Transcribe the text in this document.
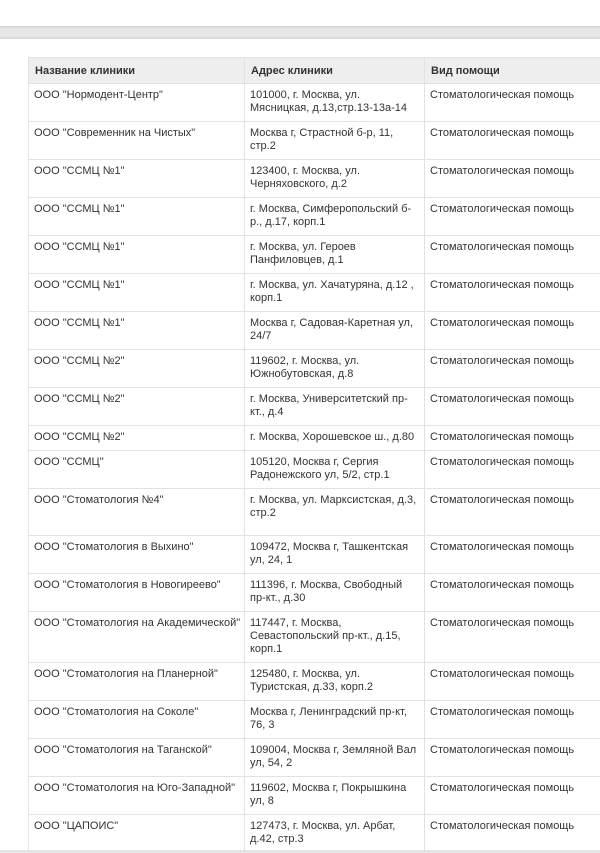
Название клиники	Адрес клиники	Вид помощи
ООО "Нормодент-Центр"	101000, г. Москва, ул. Мясницкая, д.13,стр.13-13а-14	Стоматологическая помощь
ООО "Современник на Чистых"	Москва г, Страстной б-р, 11, стр.2	Стоматологическая помощь
ООО "ССМЦ №1"	123400, г. Москва, ул. Черняховского, д.2	Стоматологическая помощь
ООО "ССМЦ №1"	г. Москва, Симферопольский б-р., д.17, корп.1	Стоматологическая помощь
ООО "ССМЦ №1"	г. Москва, ул. Героев Панфиловцев, д.1	Стоматологическая помощь
ООО "ССМЦ №1"	г. Москва, ул. Хачатуряна, д.12 , корп.1	Стоматологическая помощь
ООО "ССМЦ №1"	Москва г, Садовая-Каретная ул, 24/7	Стоматологическая помощь
ООО "ССМЦ №2"	119602, г. Москва, ул. Южнобутовская, д.8	Стоматологическая помощь
ООО "ССМЦ №2"	г. Москва, Университетский пр-кт., д.4	Стоматологическая помощь
ООО "ССМЦ №2"	г. Москва, Хорошевское ш., д.80	Стоматологическая помощь
ООО "ССМЦ"	105120, Москва г, Сергия Радонежского ул, 5/2, стр.1	Стоматологическая помощь
ООО "Стоматология №4"	г. Москва, ул. Марксистская, д.3, стр.2	Стоматологическая помощь
ООО "Стоматология в Выхино"	109472, Москва г, Ташкентская ул, 24, 1	Стоматологическая помощь
ООО "Стоматология в Новогиреево"	111396, г. Москва, Свободный пр-кт., д.30	Стоматологическая помощь
ООО "Стоматология на Академической"	117447, г. Москва, Севастопольский пр-кт., д.15, корп.1	Стоматологическая помощь
ООО "Стоматология на Планерной"	125480, г. Москва, ул. Туристская, д.33, корп.2	Стоматологическая помощь
ООО "Стоматология на Соколе"	Москва г, Ленинградский пр-кт, 76, 3	Стоматологическая помощь
ООО "Стоматология на Таганской"	109004, Москва г, Земляной Вал ул, 54, 2	Стоматологическая помощь
ООО "Стоматология на Юго-Западной"	119602, Москва г, Покрышкина ул, 8	Стоматологическая помощь
ООО "ЦАПОИС"	127473, г. Москва, ул. Арбат, д.42, стр.3	Стоматологическая помощь
